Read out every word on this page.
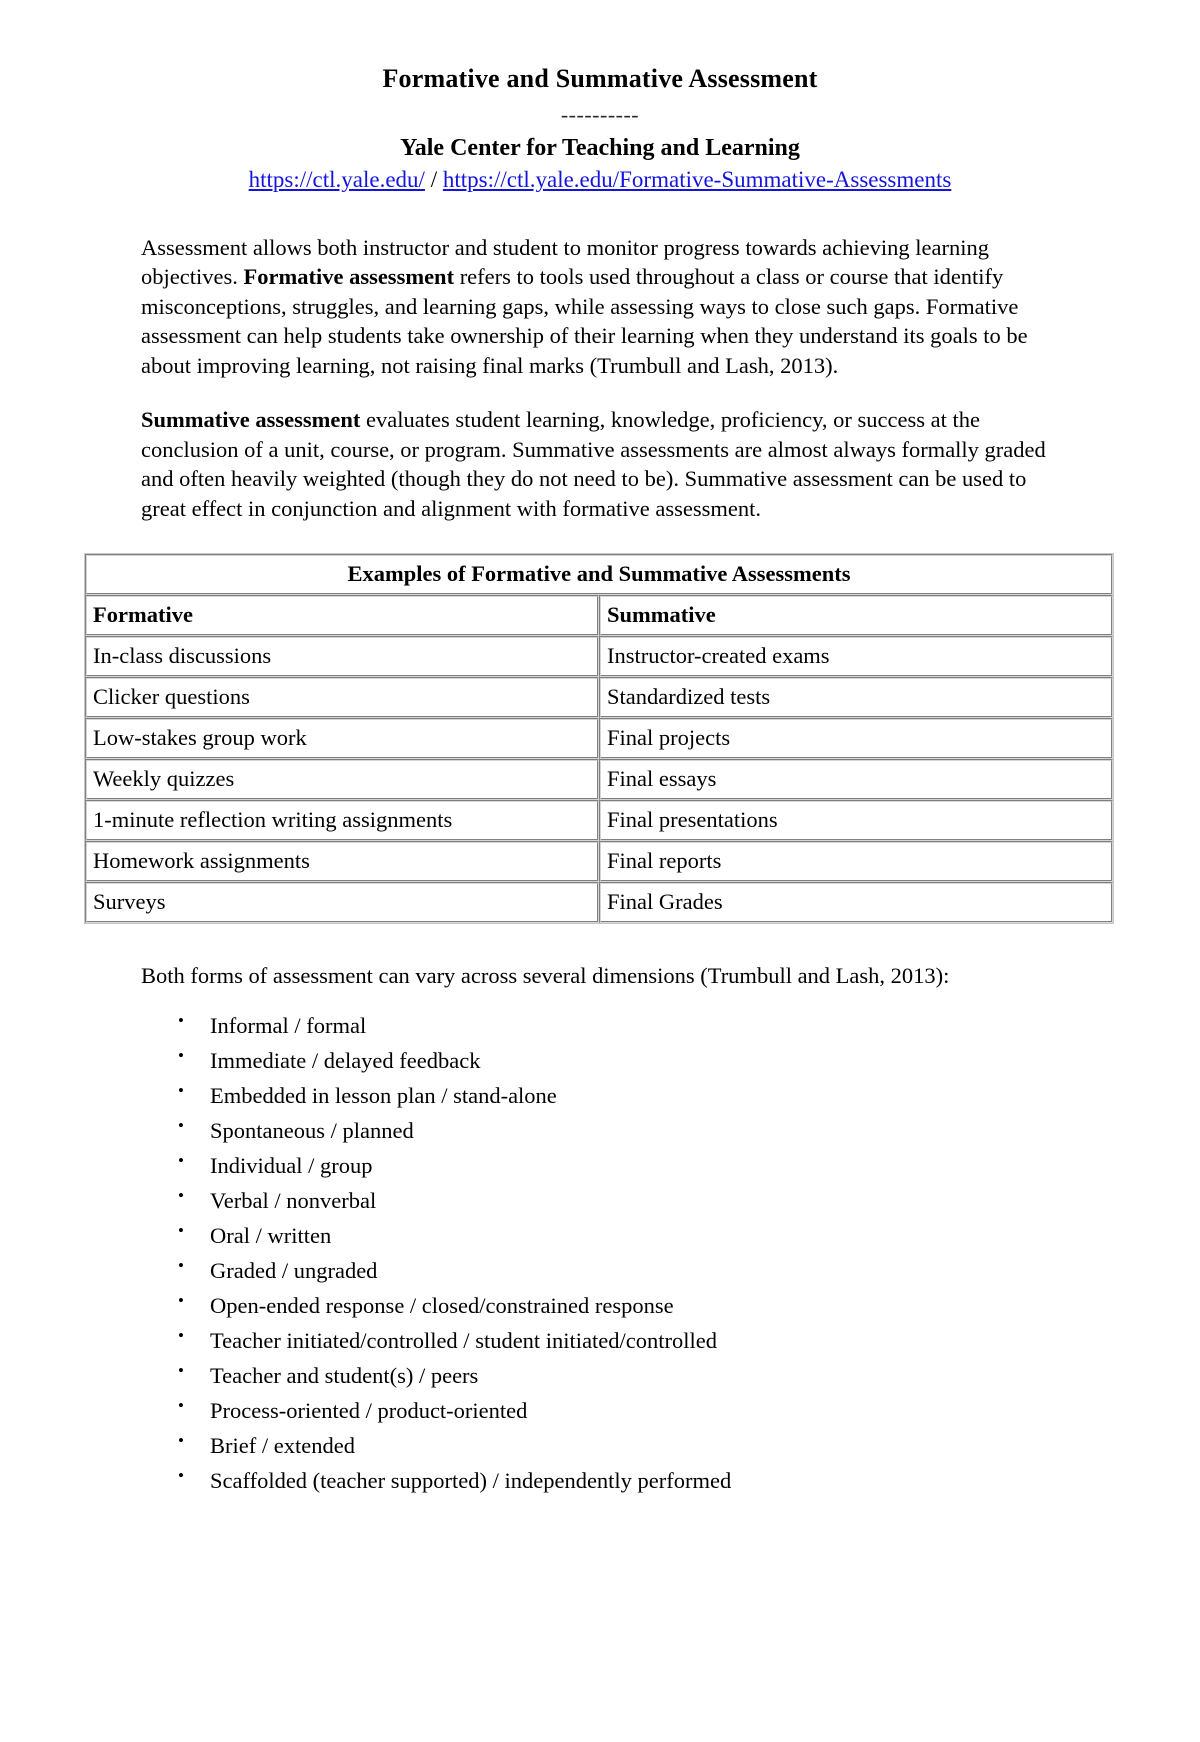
Formative and Summative Assessment
----------
Yale Center for Teaching and Learning
https://ctl.yale.edu/ / https://ctl.yale.edu/Formative-Summative-Assessments

Assessment allows both instructor and student to monitor progress towards achieving learning objectives. Formative assessment refers to tools used throughout a class or course that identify misconceptions, struggles, and learning gaps, while assessing ways to close such gaps. Formative assessment can help students take ownership of their learning when they understand its goals to be about improving learning, not raising final marks (Trumbull and Lash, 2013).

Summative assessment evaluates student learning, knowledge, proficiency, or success at the conclusion of a unit, course, or program. Summative assessments are almost always formally graded and often heavily weighted (though they do not need to be). Summative assessment can be used to great effect in conjunction and alignment with formative assessment.

Examples of Formative and Summative Assessments	
Formative	Summative
In-class discussions	Instructor-created exams
Clicker questions	Standardized tests
Low-stakes group work	Final projects
Weekly quizzes	Final essays
1-minute reflection writing assignments	Final presentations
Homework assignments	Final reports
Surveys	Final Grades

Both forms of assessment can vary across several dimensions (Trumbull and Lash, 2013):

• Informal / formal
• Immediate / delayed feedback
• Embedded in lesson plan / stand-alone
• Spontaneous / planned
• Individual / group
• Verbal / nonverbal
• Oral / written
• Graded / ungraded
• Open-ended response / closed/constrained response
• Teacher initiated/controlled / student initiated/controlled
• Teacher and student(s) / peers
• Process-oriented / product-oriented
• Brief / extended
• Scaffolded (teacher supported) / independently performed
